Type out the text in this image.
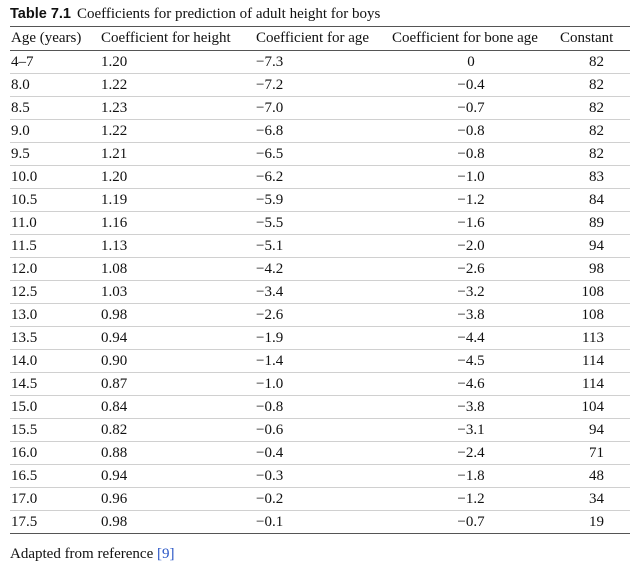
Table 7.1 Coefficients for prediction of adult height for boys
Age (years)	Coefficient for height	Coefficient for age	Coefficient for bone age	Constant
4–7	1.20	−7.3	0	82
8.0	1.22	−7.2	−0.4	82
8.5	1.23	−7.0	−0.7	82
9.0	1.22	−6.8	−0.8	82
9.5	1.21	−6.5	−0.8	82
10.0	1.20	−6.2	−1.0	83
10.5	1.19	−5.9	−1.2	84
11.0	1.16	−5.5	−1.6	89
11.5	1.13	−5.1	−2.0	94
12.0	1.08	−4.2	−2.6	98
12.5	1.03	−3.4	−3.2	108
13.0	0.98	−2.6	−3.8	108
13.5	0.94	−1.9	−4.4	113
14.0	0.90	−1.4	−4.5	114
14.5	0.87	−1.0	−4.6	114
15.0	0.84	−0.8	−3.8	104
15.5	0.82	−0.6	−3.1	94
16.0	0.88	−0.4	−2.4	71
16.5	0.94	−0.3	−1.8	48
17.0	0.96	−0.2	−1.2	34
17.5	0.98	−0.1	−0.7	19
Adapted from reference [9]
